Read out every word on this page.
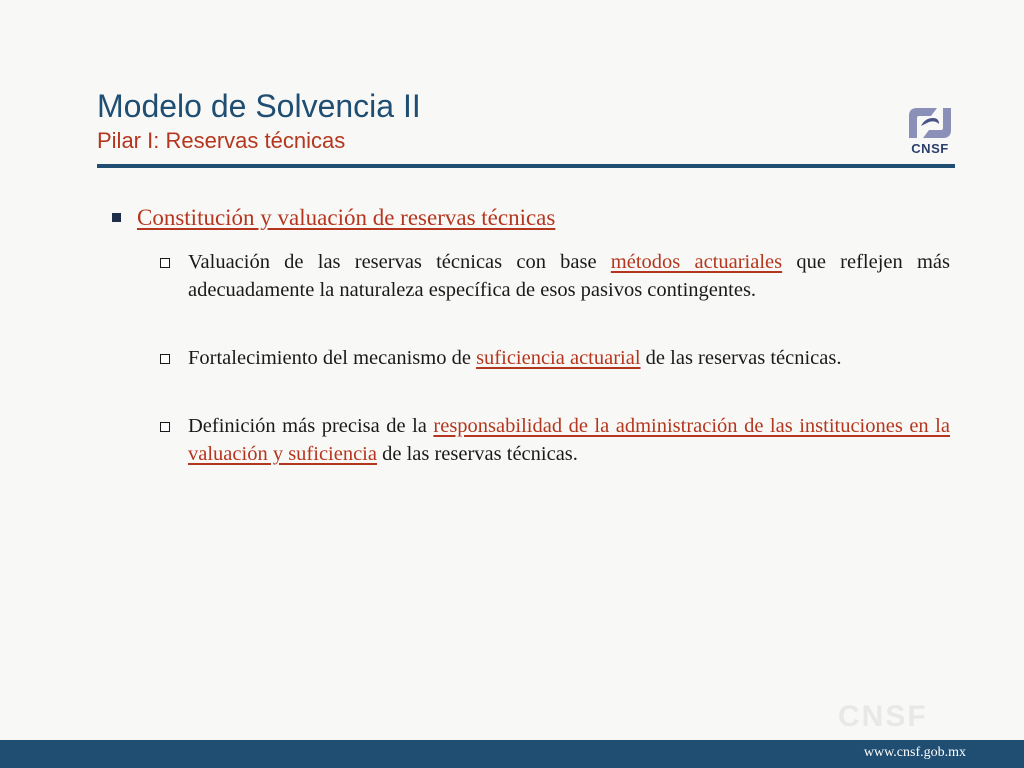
Modelo de Solvencia II
Pilar I: Reservas técnicas	CNSF
Constitución y valuación de reservas técnicas
Valuación de las reservas técnicas con base métodos actuariales que reflejen más adecuadamente la naturaleza específica de esos pasivos contingentes.
Fortalecimiento del mecanismo de suficiencia actuarial de las reservas técnicas.
Definición más precisa de la responsabilidad de la administración de las instituciones en la valuación y suficiencia de las reservas técnicas.
CNSF
www.cnsf.gob.mx
